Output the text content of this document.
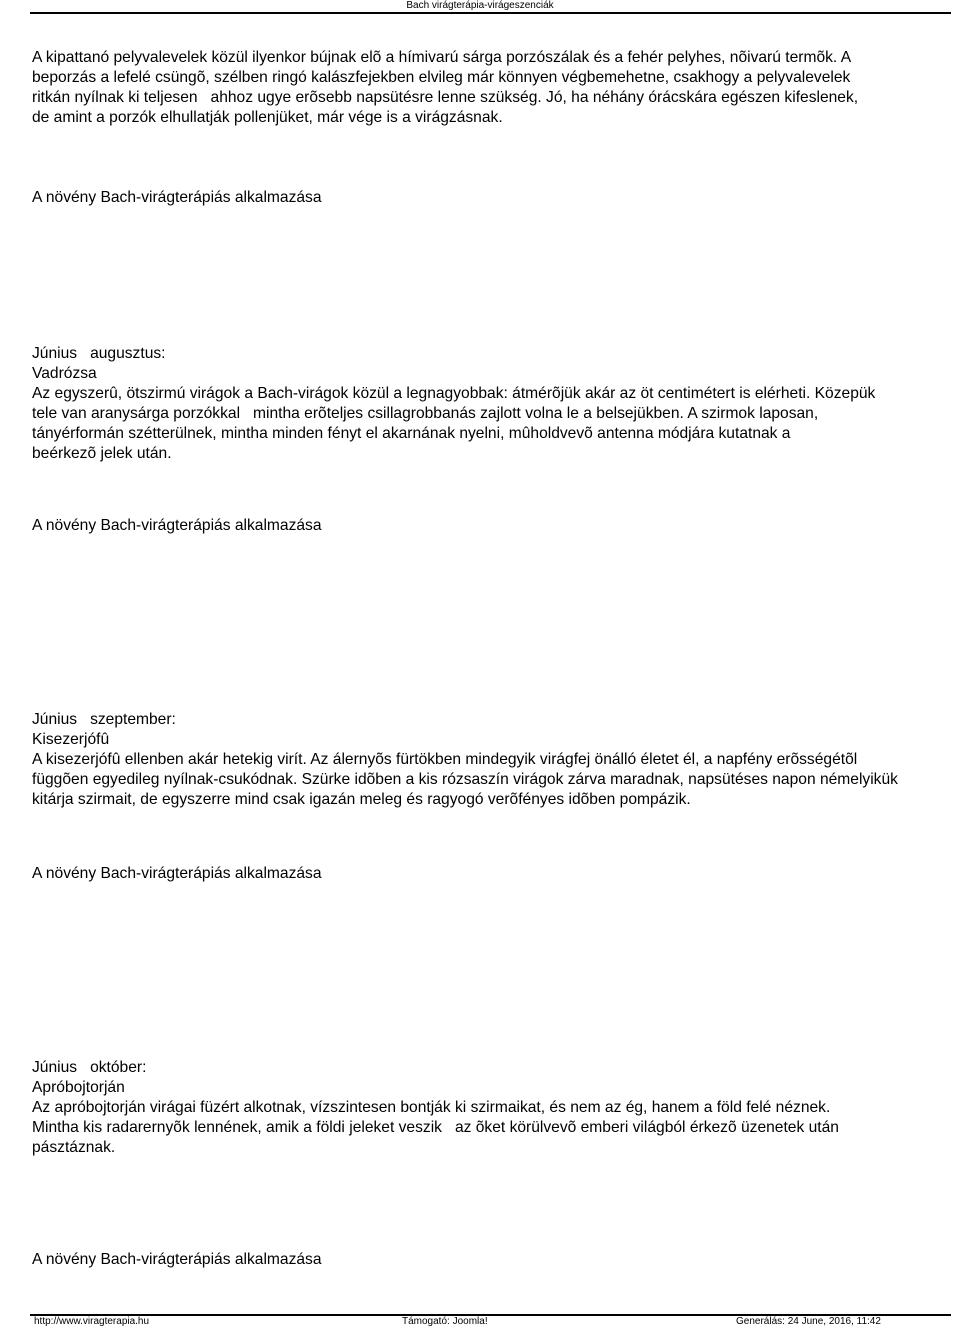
Bach virágterápia-virágeszenciák

A kipattanó pelyvalevelek közül ilyenkor bújnak elõ a hímivarú sárga porzószálak és a fehér pelyhes, nõivarú termõk. A
beporzás a lefelé csüngõ, szélben ringó kalászfejekben elvileg már könnyen végbemehetne, csakhogy a pelyvalevelek
ritkán nyílnak ki teljesen   ahhoz ugye erõsebb napsütésre lenne szükség. Jó, ha néhány órácskára egészen kifeslenek,
de amint a porzók elhullatják pollenjüket, már vége is a virágzásnak.

A növény Bach-virágterápiás alkalmazása

Június   augusztus:
Vadrózsa
Az egyszerû, ötszirmú virágok a Bach-virágok közül a legnagyobbak: átmérõjük akár az öt centimétert is elérheti. Közepük
tele van aranysárga porzókkal   mintha erõteljes csillagrobbanás zajlott volna le a belsejükben. A szirmok laposan,
tányérformán szétterülnek, mintha minden fényt el akarnának nyelni, mûholdvevõ antenna módjára kutatnak a
beérkezõ jelek után.

A növény Bach-virágterápiás alkalmazása

Június   szeptember:
Kisezerjófû
A kisezerjófû ellenben akár hetekig virít. Az álernyõs fürtökben mindegyik virágfej önálló életet él, a napfény erõsségétõl
függõen egyedileg nyílnak-csukódnak. Szürke idõben a kis rózsaszín virágok zárva maradnak, napsütéses napon némelyikük
kitárja szirmait, de egyszerre mind csak igazán meleg és ragyogó verõfényes idõben pompázik.

A növény Bach-virágterápiás alkalmazása

Június   október:
Apróbojtorján
Az apróbojtorján virágai füzért alkotnak, vízszintesen bontják ki szirmaikat, és nem az ég, hanem a föld felé néznek.
Mintha kis radarernyõk lennének, amik a földi jeleket veszik   az õket körülvevõ emberi világból érkezõ üzenetek után
pásztáznak.

A növény Bach-virágterápiás alkalmazása

http://www.viragterapia.hu	Támogató: Joomla!	Generálás: 24 June, 2016, 11:42
